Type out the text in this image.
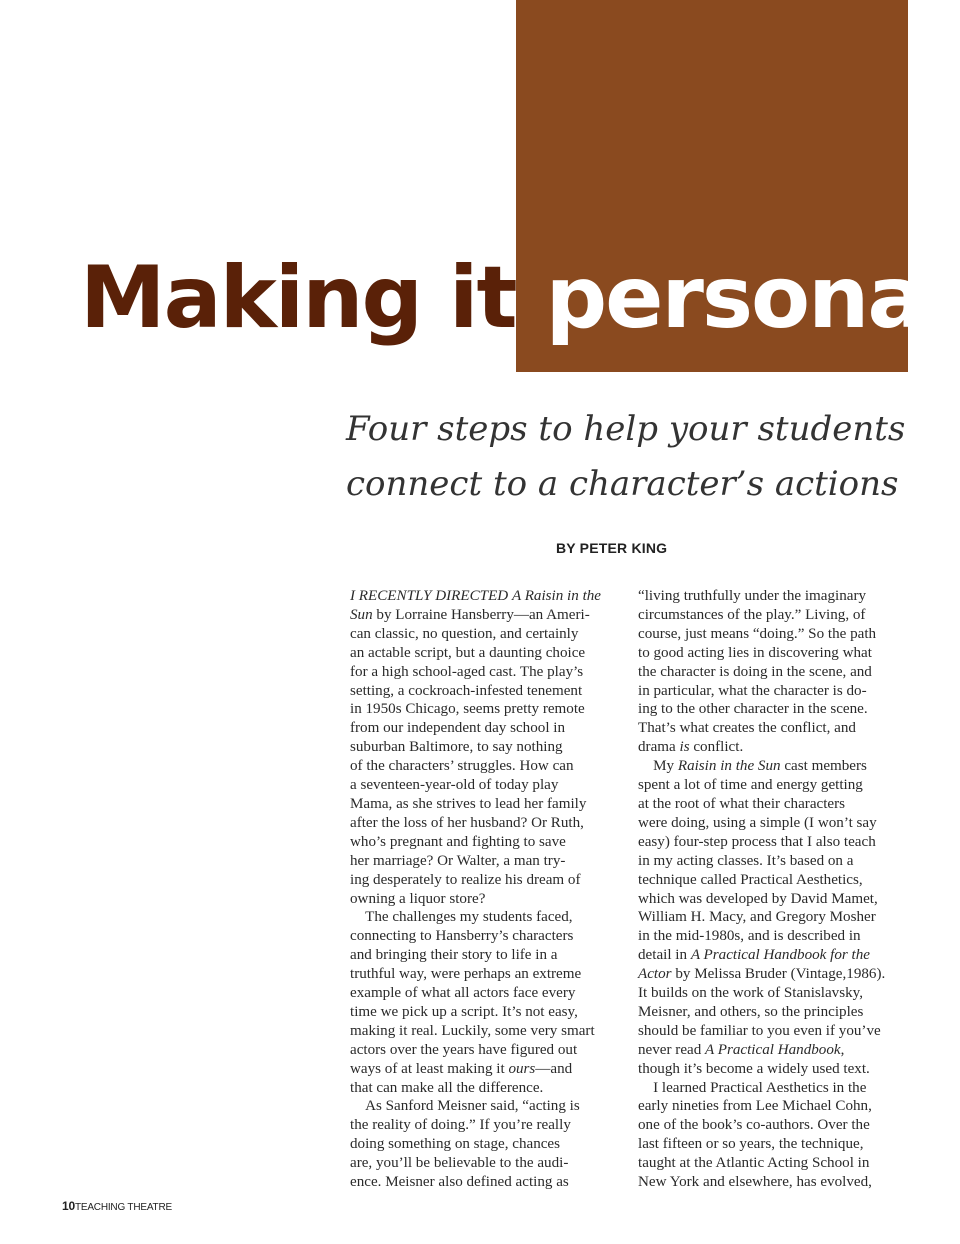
Making it personal
Four steps to help your students
connect to a character’s actions
BY PETER KING
I RECENTLY DIRECTED A Raisin in the
Sun by Lorraine Hansberry—an Ameri-
can classic, no question, and certainly
an actable script, but a daunting choice
for a high school-aged cast. The play’s
setting, a cockroach-infested tenement
in 1950s Chicago, seems pretty remote
from our independent day school in
suburban Baltimore, to say nothing
of the characters’ struggles. How can
a seventeen-year-old of today play
Mama, as she strives to lead her family
after the loss of her husband? Or Ruth,
who’s pregnant and fighting to save
her marriage? Or Walter, a man try-
ing desperately to realize his dream of
owning a liquor store?
 The challenges my students faced,
connecting to Hansberry’s characters
and bringing their story to life in a
truthful way, were perhaps an extreme
example of what all actors face every
time we pick up a script. It’s not easy,
making it real. Luckily, some very smart
actors over the years have figured out
ways of at least making it ours—and
that can make all the difference.
 As Sanford Meisner said, “acting is
the reality of doing.” If you’re really
doing something on stage, chances
are, you’ll be believable to the audi-
ence. Meisner also defined acting as
“living truthfully under the imaginary
circumstances of the play.” Living, of
course, just means “doing.” So the path
to good acting lies in discovering what
the character is doing in the scene, and
in particular, what the character is do-
ing to the other character in the scene.
That’s what creates the conflict, and
drama is conflict.
 My Raisin in the Sun cast members
spent a lot of time and energy getting
at the root of what their characters
were doing, using a simple (I won’t say
easy) four-step process that I also teach
in my acting classes. It’s based on a
technique called Practical Aesthetics,
which was developed by David Mamet,
William H. Macy, and Gregory Mosher
in the mid-1980s, and is described in
detail in A Practical Handbook for the
Actor by Melissa Bruder (Vintage,1986).
It builds on the work of Stanislavsky,
Meisner, and others, so the principles
should be familiar to you even if you’ve
never read A Practical Handbook,
though it’s become a widely used text.
 I learned Practical Aesthetics in the
early nineties from Lee Michael Cohn,
one of the book’s co-authors. Over the
last fifteen or so years, the technique,
taught at the Atlantic Acting School in
New York and elsewhere, has evolved,
10TEACHING THEATRE
